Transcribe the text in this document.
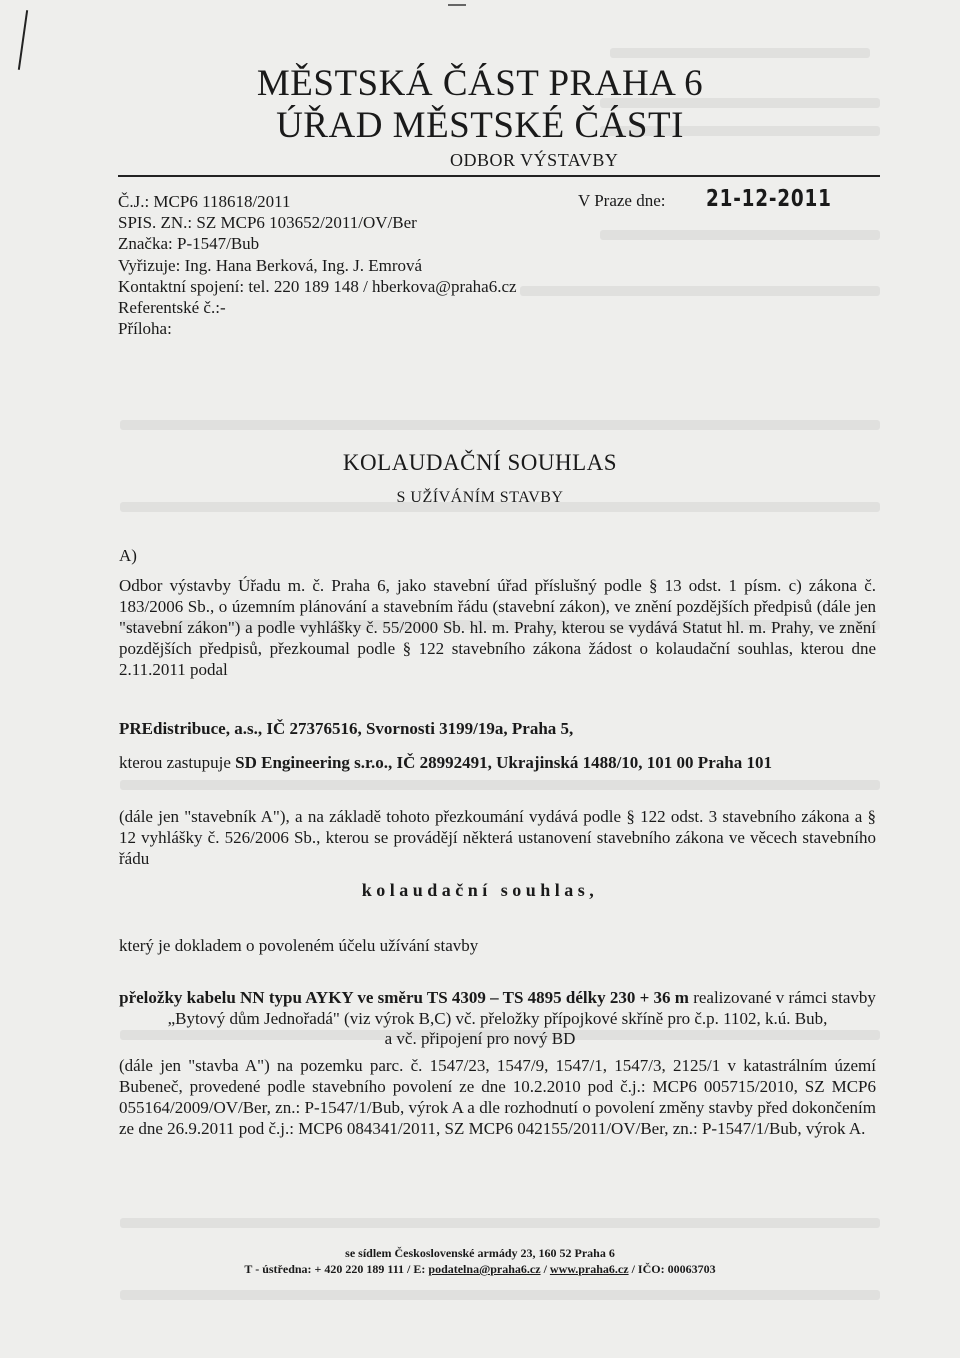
MĚSTSKÁ ČÁST PRAHA 6
ÚŘAD MĚSTSKÉ ČÁSTI
ODBOR VÝSTAVBY
Č.J.: MCP6 118618/2011
SPIS. ZN.: SZ MCP6 103652/2011/OV/Ber
Značka: P-1547/Bub
Vyřizuje: Ing. Hana Berková, Ing. J. Emrová
Kontaktní spojení: tel. 220 189 148 / hberkova@praha6.cz
Referentské č.:-
Příloha:
V Praze dne: 21-12-2011
KOLAUDAČNÍ SOUHLAS
S UŽÍVÁNÍM STAVBY
A)

Odbor výstavby Úřadu m. č. Praha 6, jako stavební úřad příslušný podle § 13 odst. 1 písm. c) zákona č. 183/2006 Sb., o územním plánování a stavebním řádu (stavební zákon), ve znění pozdějších předpisů (dále jen "stavební zákon") a podle vyhlášky č. 55/2000 Sb. hl. m. Prahy, kterou se vydává Statut hl. m. Prahy, ve znění pozdějších předpisů, přezkoumal podle § 122 stavebního zákona žádost o kolaudační souhlas, kterou dne 2.11.2011 podal

PREdistribuce, a.s., IČ 27376516, Svornosti 3199/19a, Praha 5,
kterou zastupuje SD Engineering s.r.o., IČ 28992491, Ukrajinská 1488/10, 101 00 Praha 101

(dále jen "stavebník A"), a na základě tohoto přezkoumání vydává podle § 122 odst. 3 stavebního zákona a § 12 vyhlášky č. 526/2006 Sb., kterou se provádějí některá ustanovení stavebního zákona ve věcech stavebního řádu

kolaudační souhlas,
který je dokladem o povoleném účelu užívání stavby
přeložky kabelu NN typu AYKY ve směru TS 4309 – TS 4895 délky 230 + 36 m realizované v rámci stavby „Bytový dům Jednořadá" (viz výrok B,C) vč. přeložky přípojkové skříně pro č.p. 1102, k.ú. Bub,
a vč. připojení pro nový BD

(dále jen "stavba A") na pozemku parc. č. 1547/23, 1547/9, 1547/1, 1547/3, 2125/1 v katastrálním území Bubeneč, provedené podle stavebního povolení ze dne 10.2.2010 pod č.j.: MCP6 005715/2010, SZ MCP6 055164/2009/OV/Ber, zn.: P-1547/1/Bub, výrok A a dle rozhodnutí o povolení změny stavby před dokončením ze dne 26.9.2011 pod č.j.: MCP6 084341/2011, SZ MCP6 042155/2011/OV/Ber, zn.: P-1547/1/Bub, výrok A.

se sídlem Československé armády 23, 160 52 Praha 6
T - ústředna: + 420 220 189 111 / E: podatelna@praha6.cz / www.praha6.cz / IČO: 00063703
